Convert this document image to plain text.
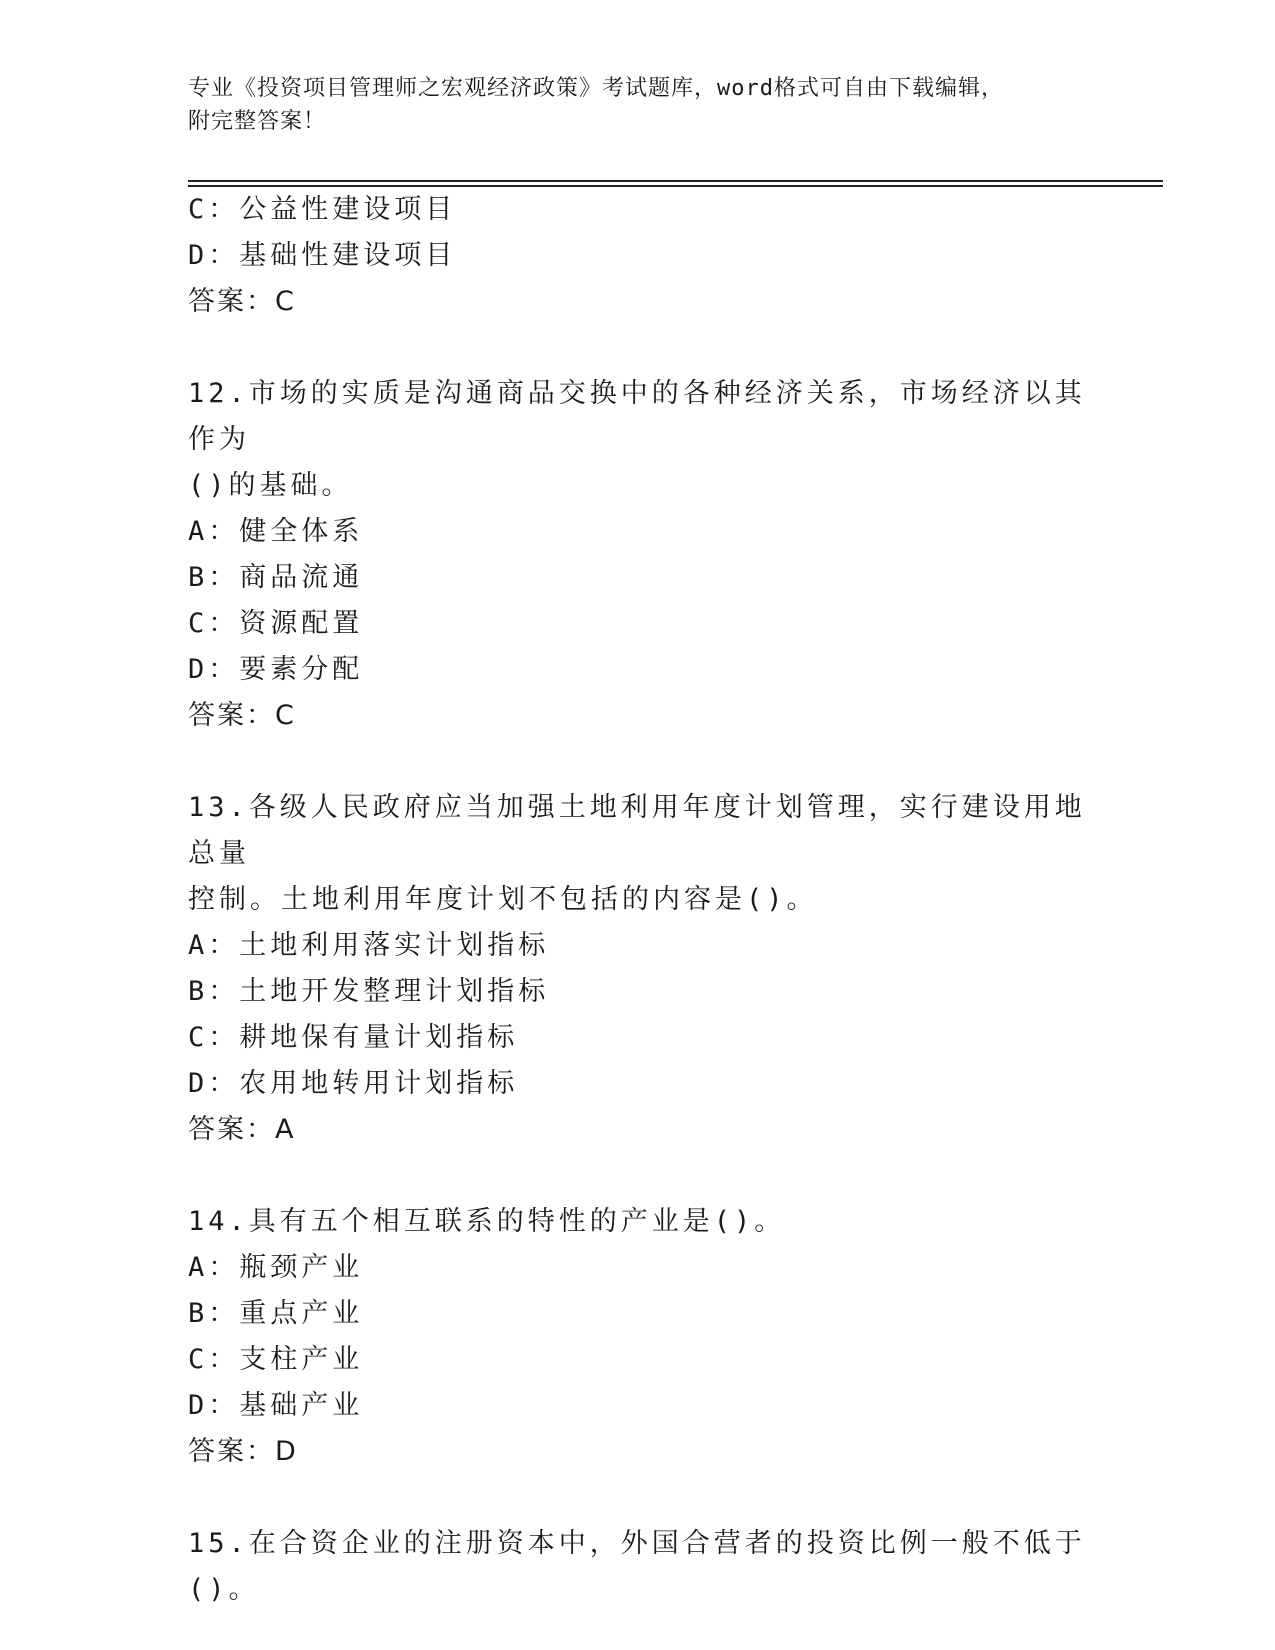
专业《投资项目管理师之宏观经济政策》考试题库，word格式可自由下载编辑，
附完整答案！
C：公益性建设项目
D：基础性建设项目
答案：C
12.市场的实质是沟通商品交换中的各种经济关系，市场经济以其作为
()的基础。
A：健全体系
B：商品流通
C：资源配置
D：要素分配
答案：C
13.各级人民政府应当加强土地利用年度计划管理，实行建设用地总量
控制。土地利用年度计划不包括的内容是()。
A：土地利用落实计划指标
B：土地开发整理计划指标
C：耕地保有量计划指标
D：农用地转用计划指标
答案：A
14.具有五个相互联系的特性的产业是()。
A：瓶颈产业
B：重点产业
C：支柱产业
D：基础产业
答案：D
15.在合资企业的注册资本中，外国合营者的投资比例一般不低于()。
